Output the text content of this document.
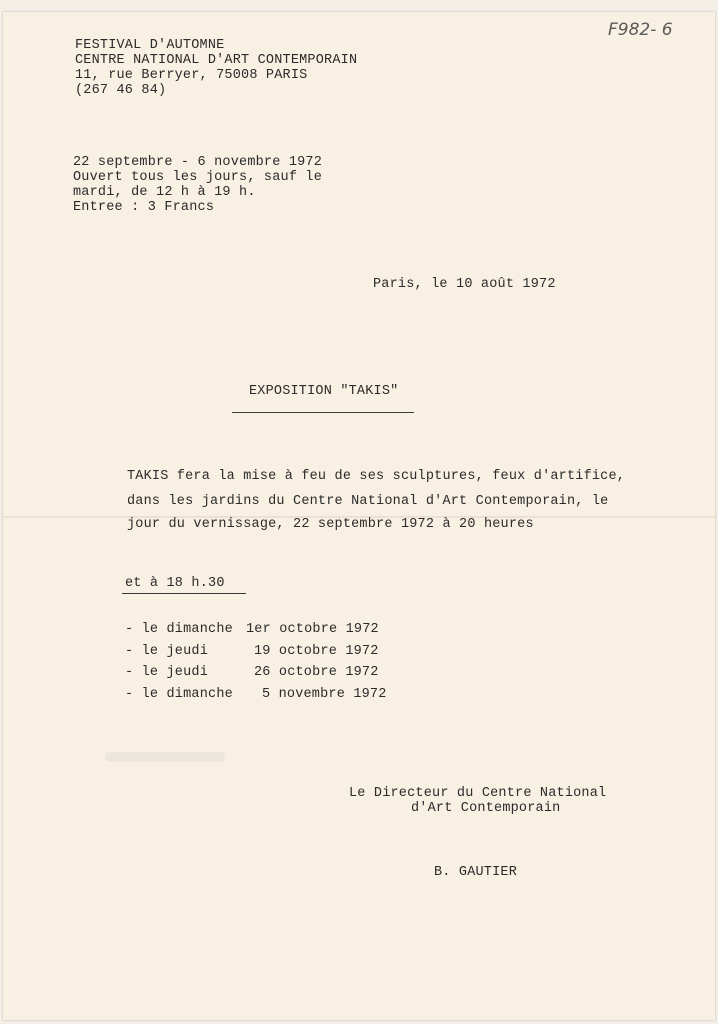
F982- 6
FESTIVAL D'AUTOMNE
CENTRE NATIONAL D'ART CONTEMPORAIN
11, rue Berryer, 75008 PARIS
(267 46 84)
22 septembre - 6 novembre 1972
Ouvert tous les jours, sauf le
mardi, de 12 h à 19 h.
Entree : 3 Francs
Paris, le 10 août 1972
EXPOSITION "TAKIS"
TAKIS fera la mise à feu de ses sculptures, feux d'artifice,
dans les jardins du Centre National d'Art Contemporain, le
jour du vernissage, 22 septembre 1972 à 20 heures
et à 18 h.30
- le dimanche 1er octobre 1972
- le jeudi	19 octobre 1972
- le jeudi	26 octobre 1972
- le dimanche 5 novembre 1972
Le Directeur du Centre National
d'Art Contemporain
B. GAUTIER
